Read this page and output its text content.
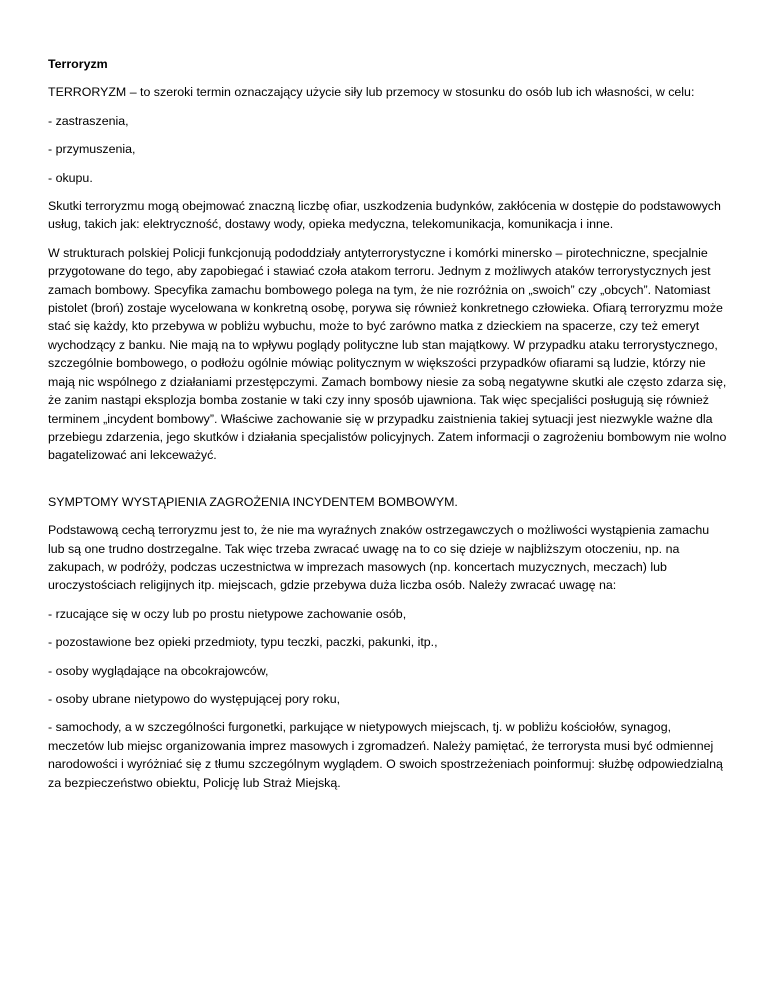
Terroryzm

TERRORYZM – to szeroki termin oznaczający użycie siły lub przemocy w stosunku do osób lub ich własności, w celu:

- zastraszenia,

- przymuszenia,

- okupu.

Skutki terroryzmu mogą obejmować znaczną liczbę ofiar, uszkodzenia budynków, zakłócenia w dostępie do podstawowych usług, takich jak: elektryczność, dostawy wody, opieka medyczna, telekomunikacja, komunikacja i inne.

W strukturach polskiej Policji funkcjonują pododdziały antyterrorystyczne i komórki minersko – pirotechniczne, specjalnie przygotowane do tego, aby zapobiegać i stawiać czoła atakom terroru. Jednym z możliwych ataków terrorystycznych jest zamach bombowy. Specyfika zamachu bombowego polega na tym, że nie rozróżnia on „swoich” czy „obcych”. Natomiast pistolet (broń) zostaje wycelowana w konkretną osobę, porywa się również konkretnego człowieka. Ofiarą terroryzmu może stać się każdy, kto przebywa w pobliżu wybuchu, może to być zarówno matka z dzieckiem na spacerze, czy też emeryt wychodzący z banku. Nie mają na to wpływu poglądy polityczne lub stan majątkowy. W przypadku ataku terrorystycznego, szczególnie bombowego, o podłożu ogólnie mówiąc politycznym w większości przypadków ofiarami są ludzie, którzy nie mają nic wspólnego z działaniami przestępczymi. Zamach bombowy niesie za sobą negatywne skutki ale często zdarza się, że zanim nastąpi eksplozja bomba zostanie w taki czy inny sposób ujawniona. Tak więc specjaliści posługują się również terminem „incydent bombowy”. Właściwe zachowanie się w przypadku zaistnienia takiej sytuacji jest niezwykle ważne dla przebiegu zdarzenia, jego skutków i działania specjalistów policyjnych. Zatem informacji o zagrożeniu bombowym nie wolno bagatelizować ani lekceważyć.

SYMPTOMY WYSTĄPIENIA ZAGROŻENIA INCYDENTEM BOMBOWYM.

Podstawową cechą terroryzmu jest to, że nie ma wyraźnych znaków ostrzegawczych o możliwości wystąpienia zamachu lub są one trudno dostrzegalne. Tak więc trzeba zwracać uwagę na to co się dzieje w najbliższym otoczeniu, np. na zakupach, w podróży, podczas uczestnictwa w imprezach masowych (np. koncertach muzycznych, meczach) lub uroczystościach religijnych itp. miejscach, gdzie przebywa duża liczba osób. Należy zwracać uwagę na:

- rzucające się w oczy lub po prostu nietypowe zachowanie osób,

- pozostawione bez opieki przedmioty, typu teczki, paczki, pakunki, itp.,

- osoby wyglądające na obcokrajowców,

- osoby ubrane nietypowo do występującej pory roku,

- samochody, a w szczególności furgonetki, parkujące w nietypowych miejscach, tj. w pobliżu kościołów, synagog, meczetów lub miejsc organizowania imprez masowych i zgromadzeń. Należy pamiętać, że terrorysta musi być odmiennej narodowości i wyróżniać się z tłumu szczególnym wyglądem. O swoich spostrzeżeniach poinformuj: służbę odpowiedzialną za bezpieczeństwo obiektu, Policję lub Straż Miejską.
